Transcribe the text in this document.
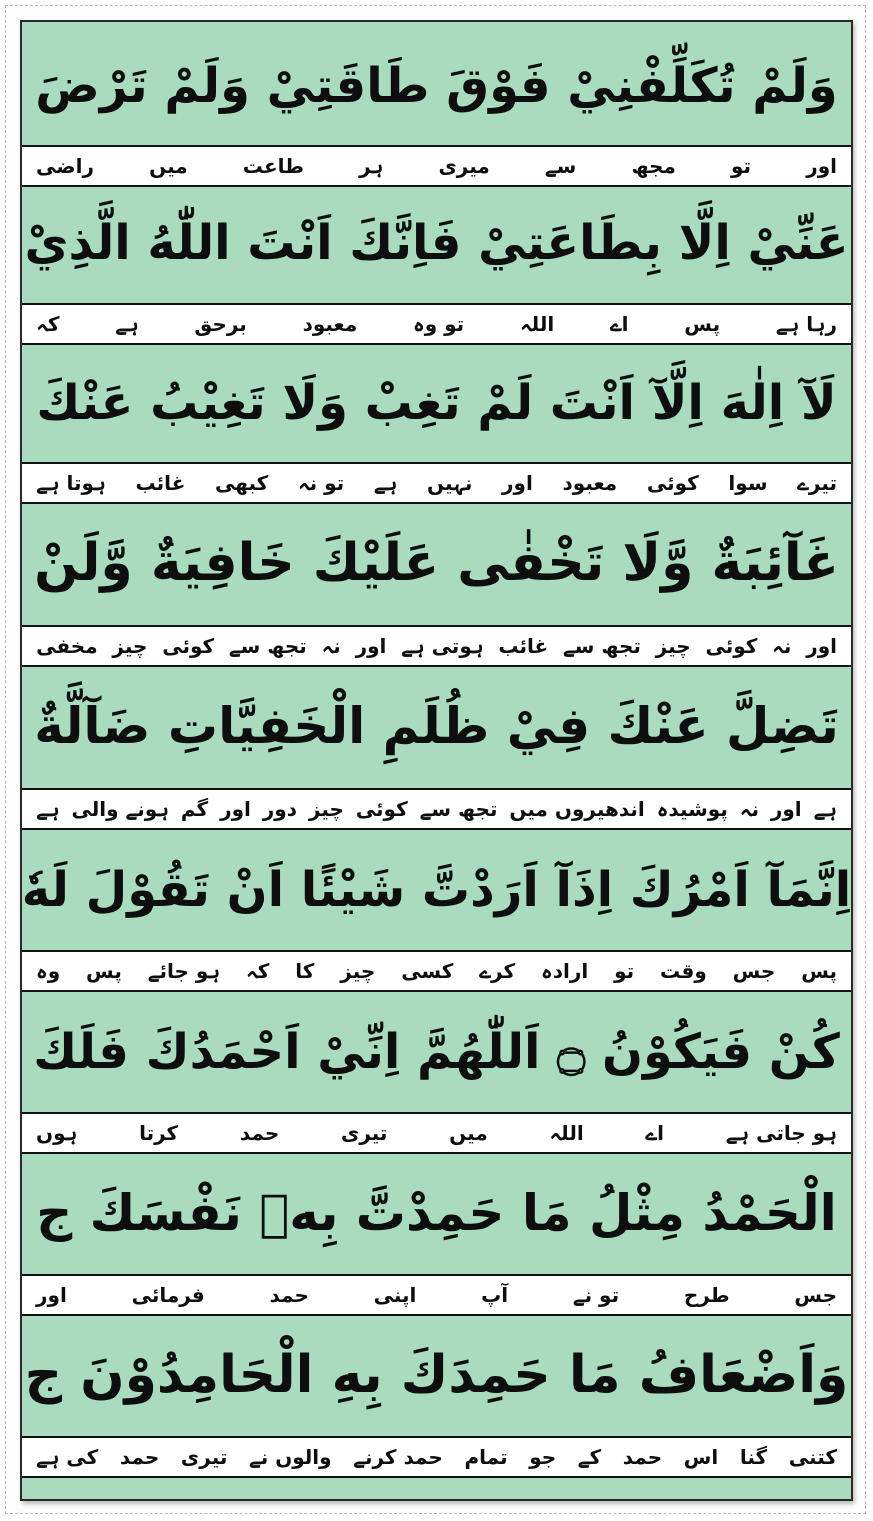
وَلَمْ تُكَلِّفْنِيْ فَوْقَ طَاقَتِيْ وَلَمْ تَرْضَ
اور
تو
مجھ
سے
میری
ہر
طاعت
میں
راضی
عَنِّيْ اِلَّا بِطَاعَتِيْ فَاِنَّكَ اَنْتَ اللّٰهُ الَّذِيْ
رہا ہے
پس
اے
اللہ
تو وہ
معبود
برحق
ہے
کہ
لَآ اِلٰهَ اِلَّآ اَنْتَ لَمْ تَغِبْ وَلَا تَغِيْبُ عَنْكَ
تیرے
سوا
کوئی
معبود
اور
نہیں
ہے
تو نہ
کبھی
غائب
ہوتا ہے
غَآئِبَةٌ وَّلَا تَخْفٰى عَلَيْكَ خَافِيَةٌ وَّلَنْ
اور
نہ
کوئی
چیز
تجھ سے
غائب
ہوتی ہے
اور
نہ
تجھ سے
کوئی
چیز
مخفی
تَضِلَّ عَنْكَ فِيْ ظُلَمِ الْخَفِيَّاتِ ضَآلَّةٌ
ہے
اور
نہ
پوشیدہ
اندھیروں میں
تجھ سے
کوئی
چیز
دور
اور
گم
ہونے والی
ہے
اِنَّمَآ اَمْرُكَ اِذَآ اَرَدْتَّ شَيْئًا اَنْ تَقُوْلَ لَهٗ
پس
جس
وقت
تو
ارادہ
کرے
کسی
چیز
کا
کہ
ہو جائے
پس
وہ
كُنْ فَيَكُوْنُ ۝ اَللّٰهُمَّ اِنِّيْ اَحْمَدُكَ فَلَكَ
ہو جاتی ہے
اے
اللہ
میں
تیری
حمد
کرتا
ہوں
الْحَمْدُ مِثْلُ مَا حَمِدْتَّ بِهٖ نَفْسَكَ ج
جس
طرح
تو نے
آپ
اپنی
حمد
فرمائی
اور
وَاَضْعَافُ مَا حَمِدَكَ بِهِ الْحَامِدُوْنَ ج
کتنی
گنا
اس
حمد
کے
جو
تمام
حمد کرنے
والوں نے
تیری
حمد
کی ہے
